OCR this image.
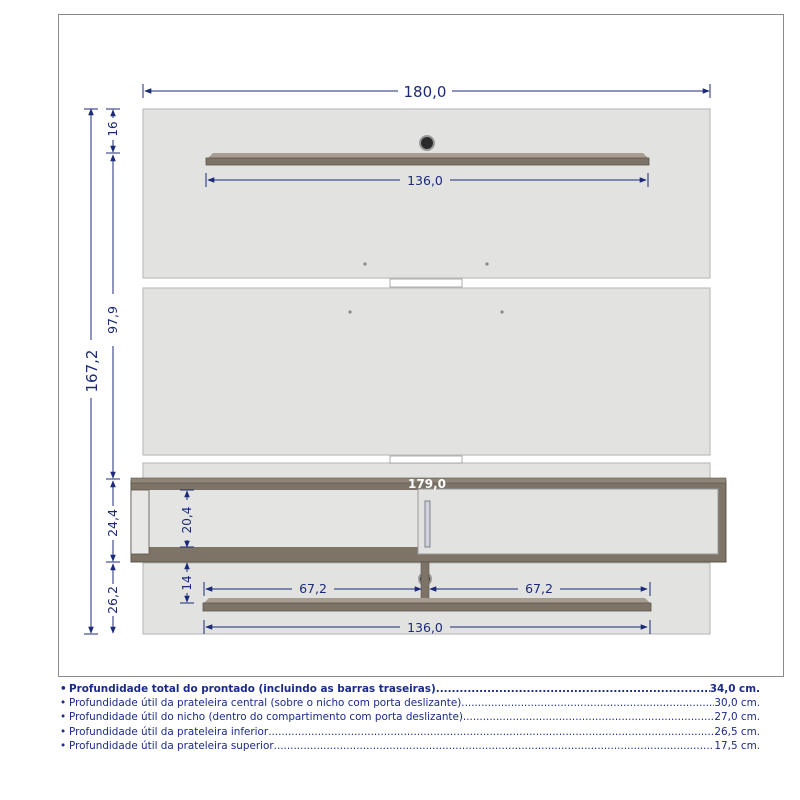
180,0
136,0
167,2
16
97,9
179,0
24,4	20,4
26,2
14	67,2	67,2
136,0
• Profundidade total do prontado (incluindo as barras traseiras) .....	34,0 cm.
• Profundidade útil da prateleira central (sobre o nicho com porta deslizante) .....	30,0 cm.
• Profundidade útil do nicho (dentro do compartimento com porta deslizante) .....	27,0 cm.
• Profundidade útil da prateleira inferior .....	26,5 cm.
• Profundidade útil da prateleira superior .....	17,5 cm.
